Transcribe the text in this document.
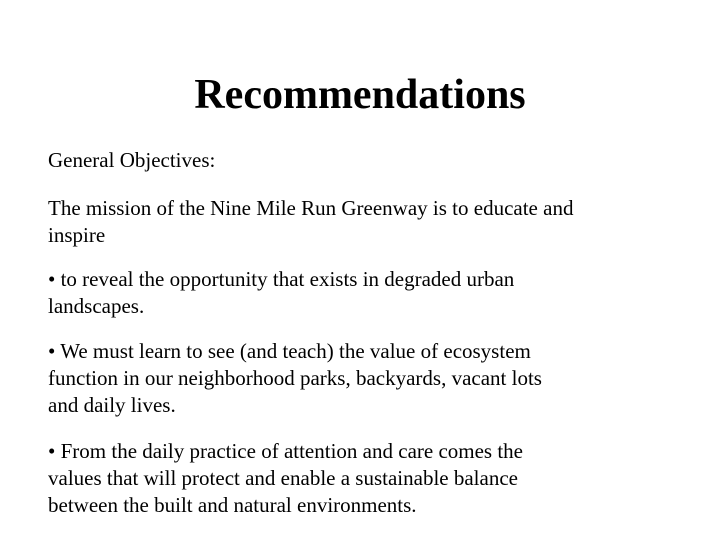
Recommendations

General Objectives:

The mission of the Nine Mile Run Greenway is to educate and
inspire

• to reveal the opportunity that exists in degraded urban
landscapes.

• We must learn to see (and teach) the value of ecosystem
function in our neighborhood parks, backyards, vacant lots
and daily lives.

• From the daily practice of attention and care comes the
values that will protect and enable a sustainable balance
between the built and natural environments.
